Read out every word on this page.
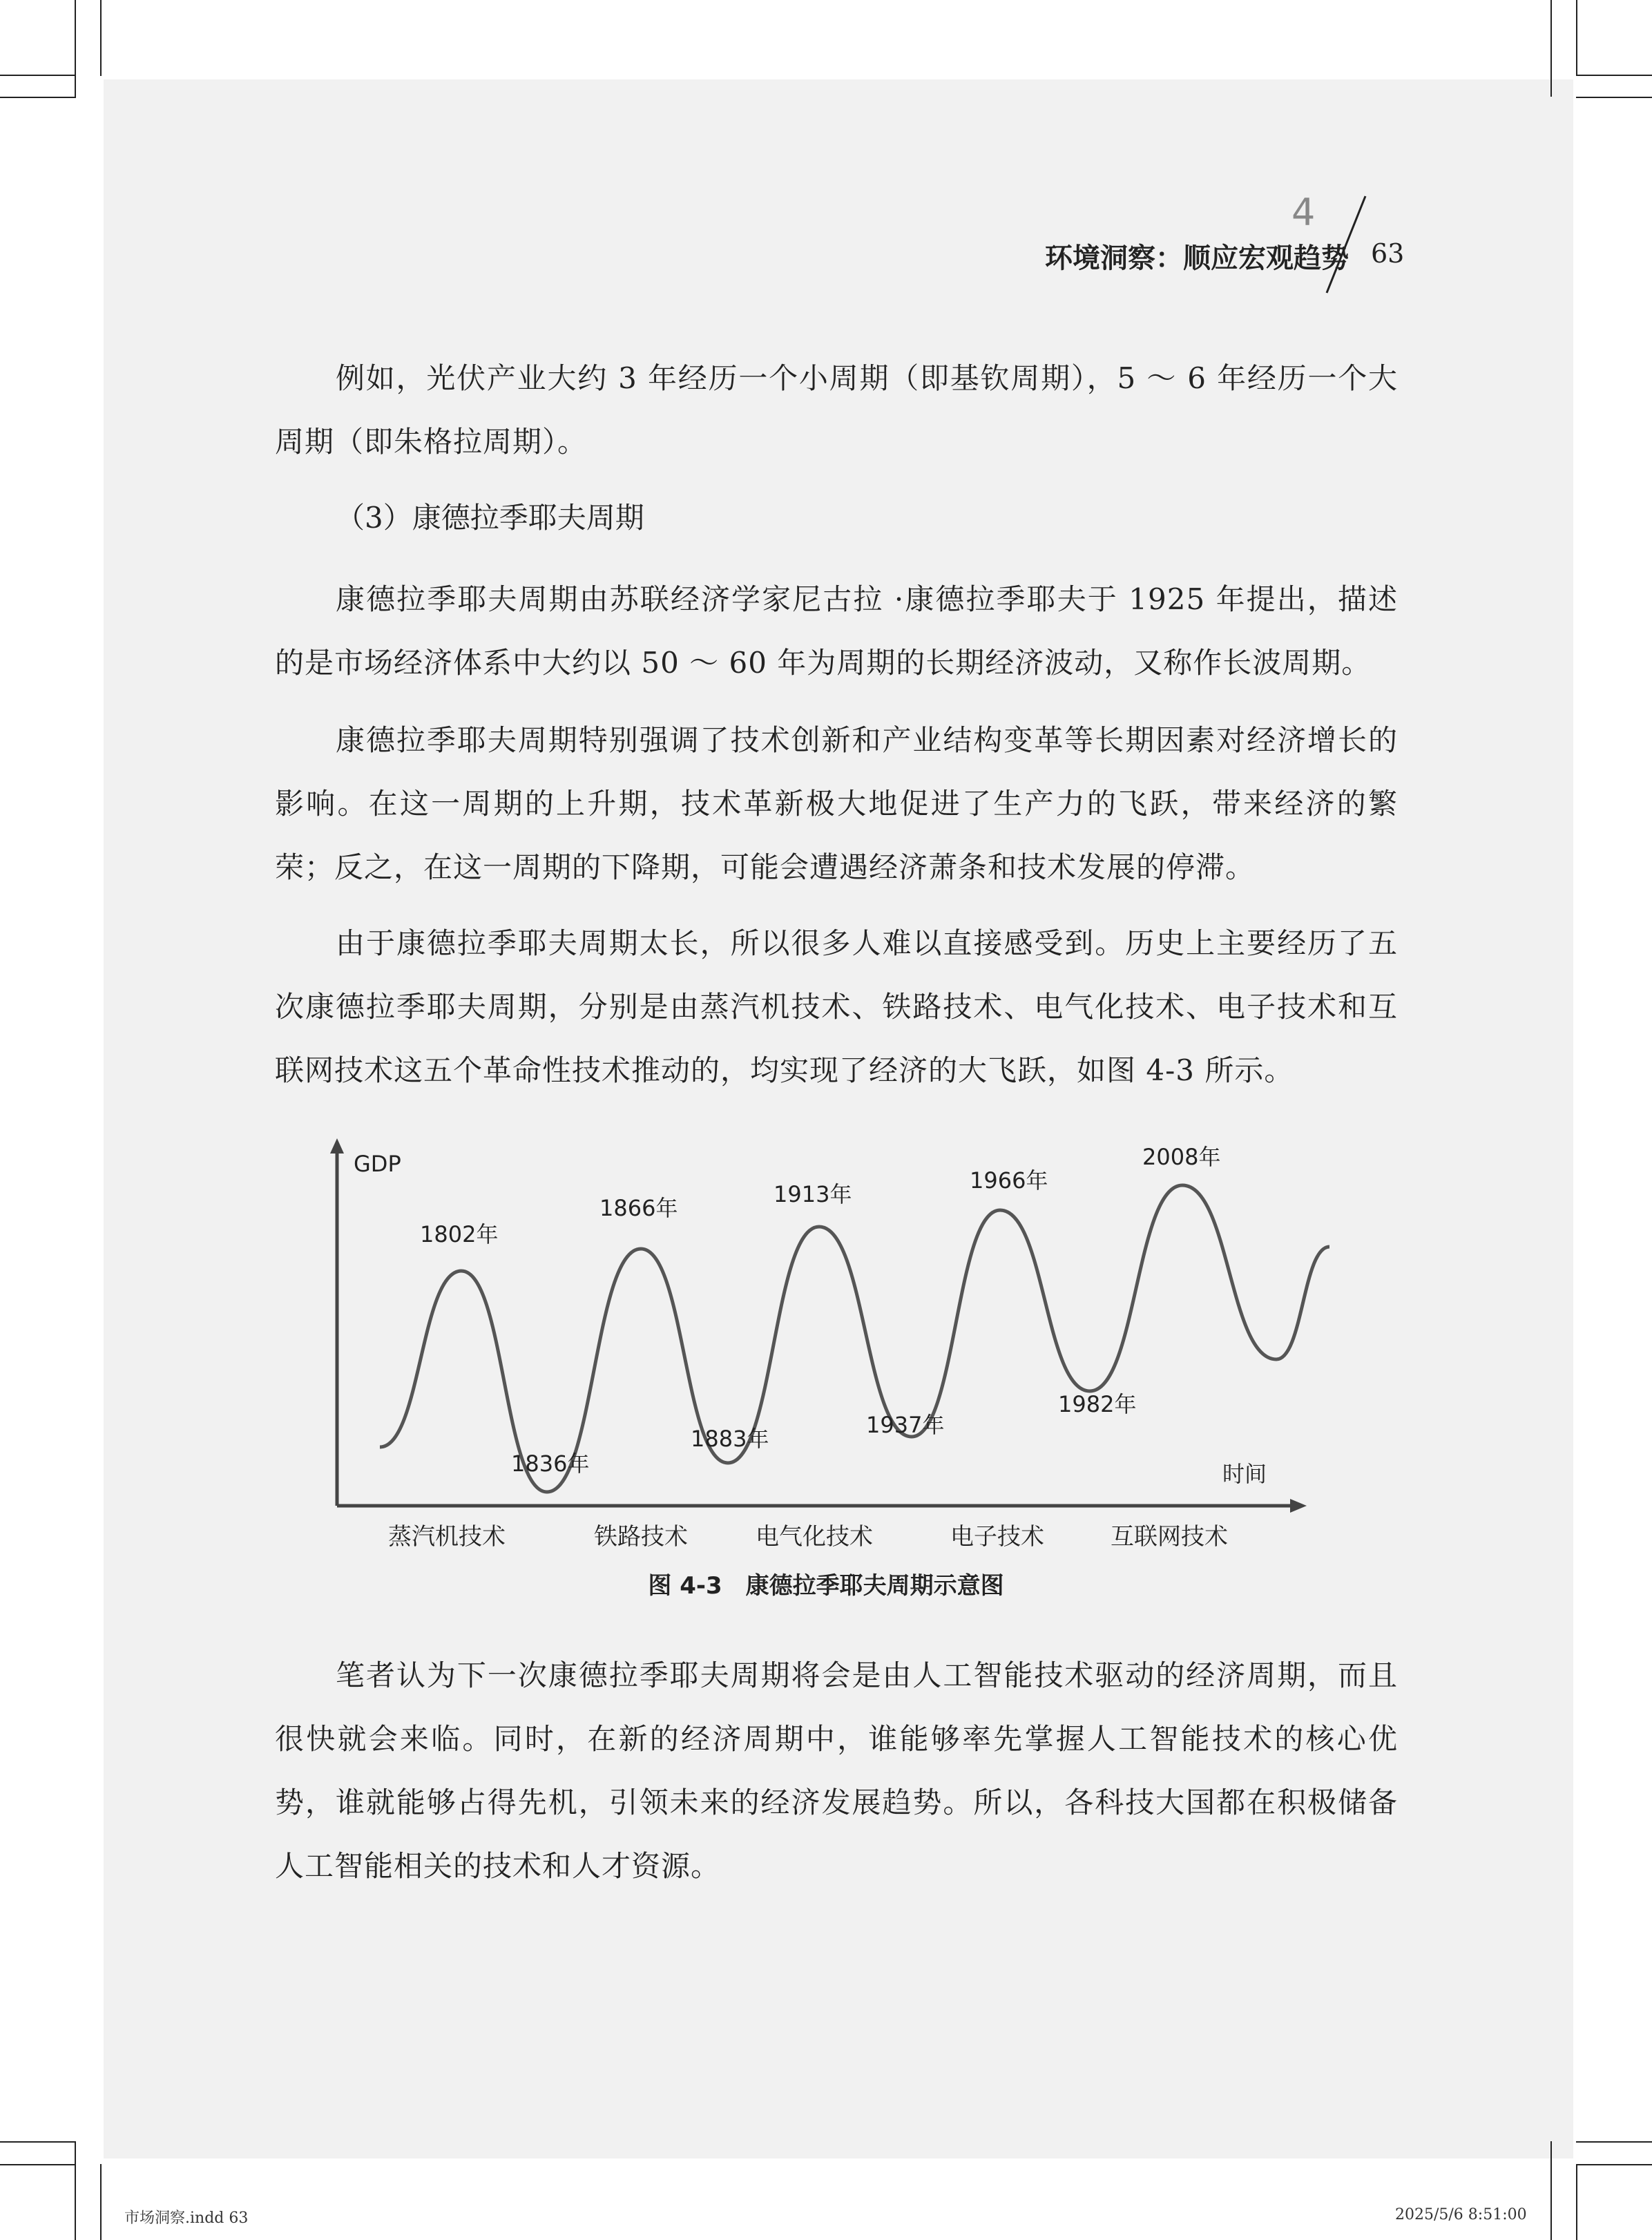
4
环境洞察：顺应宏观趋势 63

例如，光伏产业大约 3 年经历一个小周期（即基钦周期），5 ～ 6 年经历一个大周期（即朱格拉周期）。

（3）康德拉季耶夫周期

康德拉季耶夫周期由苏联经济学家尼古拉 ·康德拉季耶夫于 1925 年提出，描述的是市场经济体系中大约以 50 ～ 60 年为周期的长期经济波动，又称作长波周期。

康德拉季耶夫周期特别强调了技术创新和产业结构变革等长期因素对经济增长的影响。在这一周期的上升期，技术革新极大地促进了生产力的飞跃，带来经济的繁荣；反之，在这一周期的下降期，可能会遭遇经济萧条和技术发展的停滞。

由于康德拉季耶夫周期太长，所以很多人难以直接感受到。历史上主要经历了五次康德拉季耶夫周期，分别是由蒸汽机技术、铁路技术、电气化技术、电子技术和互联网技术这五个革命性技术推动的，均实现了经济的大飞跃，如图 4-3 所示。

GDP
时间
1802年
1866年
1913年
1966年
2008年
1836年
1883年
1937年
1982年
蒸汽机技术	铁路技术	电气化技术	电子技术	互联网技术
图 4-3　康德拉季耶夫周期示意图

笔者认为下一次康德拉季耶夫周期将会是由人工智能技术驱动的经济周期，而且很快就会来临。同时，在新的经济周期中，谁能够率先掌握人工智能技术的核心优势，谁就能够占得先机，引领未来的经济发展趋势。所以，各科技大国都在积极储备人工智能相关的技术和人才资源。

市场洞察.indd 63	2025/5/6 8:51:00
